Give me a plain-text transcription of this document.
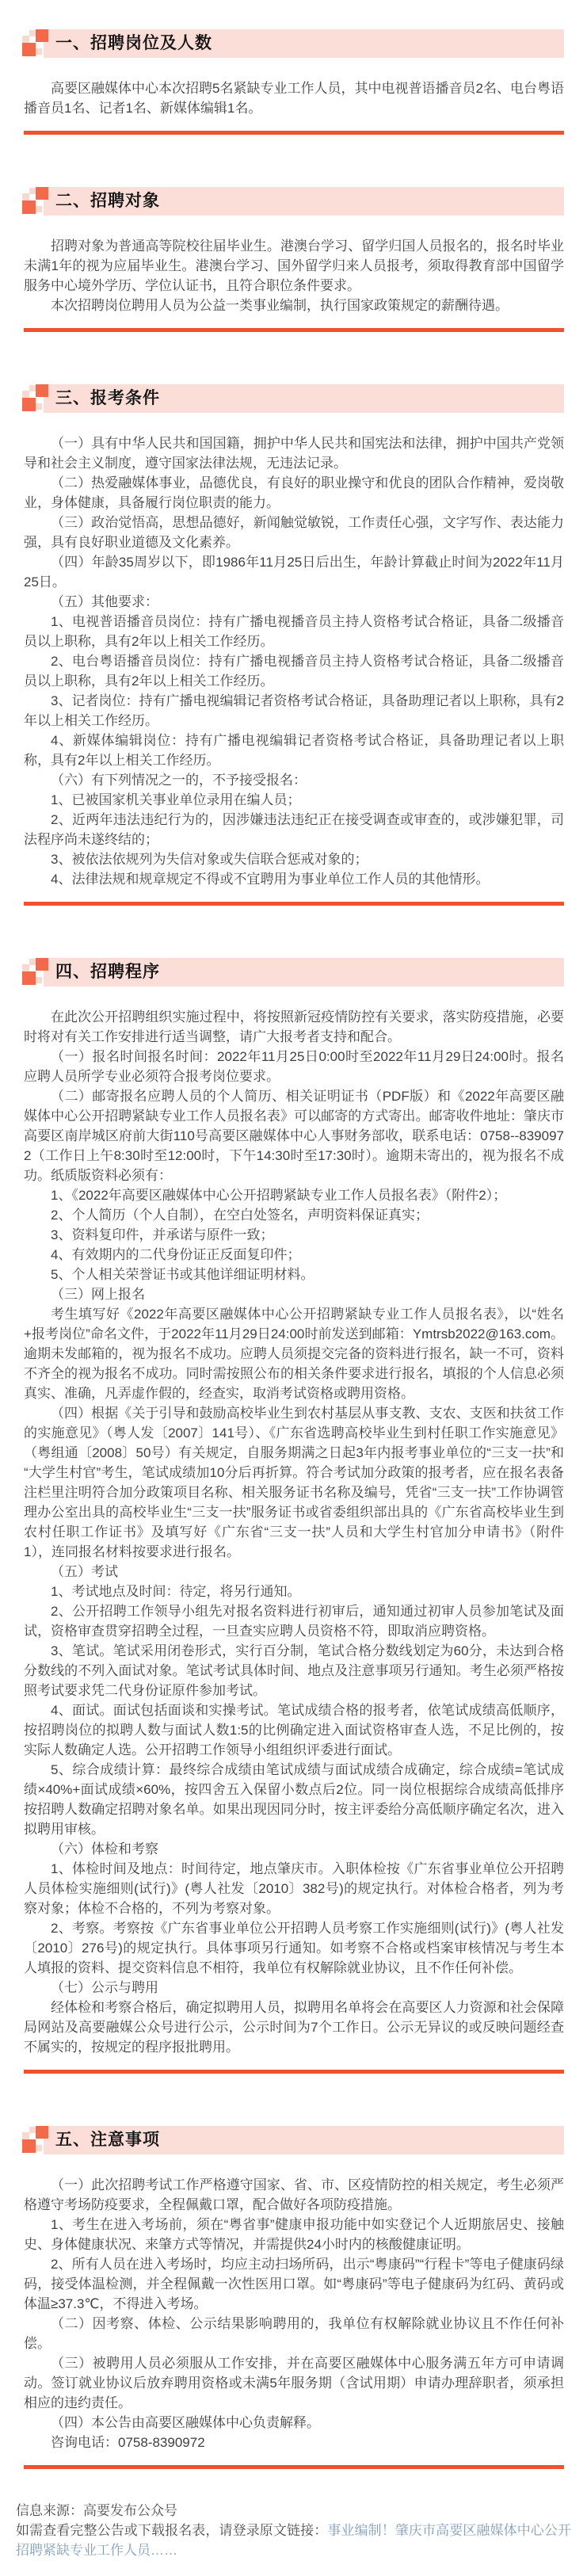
一、招聘岗位及人数

高要区融媒体中心本次招聘5名紧缺专业工作人员，其中电视普语播音员2名、电台粤语播音员1名、记者1名、新媒体编辑1名。

二、招聘对象

招聘对象为普通高等院校往届毕业生。港澳台学习、留学归国人员报名的，报名时毕业未满1年的视为应届毕业生。港澳台学习、国外留学归来人员报考，须取得教育部中国留学服务中心境外学历、学位认证书，且符合职位条件要求。

本次招聘岗位聘用人员为公益一类事业编制，执行国家政策规定的薪酬待遇。

三、报考条件

（一）具有中华人民共和国国籍，拥护中华人民共和国宪法和法律，拥护中国共产党领导和社会主义制度，遵守国家法律法规，无违法记录。

（二）热爱融媒体事业，品德优良，有良好的职业操守和优良的团队合作精神，爱岗敬业，身体健康，具备履行岗位职责的能力。

（三）政治觉悟高，思想品德好，新闻触觉敏锐，工作责任心强，文字写作、表达能力强，具有良好职业道德及文化素养。

（四）年龄35周岁以下，即1986年11月25日后出生，年龄计算截止时间为2022年11月25日。

（五）其他要求：

1、电视普语播音员岗位：持有广播电视播音员主持人资格考试合格证，具备二级播音员以上职称，具有2年以上相关工作经历。

2、电台粤语播音员岗位：持有广播电视播音员主持人资格考试合格证，具备二级播音员以上职称，具有2年以上相关工作经历。

3、记者岗位：持有广播电视编辑记者资格考试合格证，具备助理记者以上职称，具有2年以上相关工作经历。

4、新媒体编辑岗位：持有广播电视编辑记者资格考试合格证，具备助理记者以上职称，具有2年以上相关工作经历。

（六）有下列情况之一的，不予接受报名：

1、已被国家机关事业单位录用在编人员；

2、近两年违法违纪行为的，因涉嫌违法违纪正在接受调查或审查的，或涉嫌犯罪，司法程序尚未遂终结的；

3、被依法依规列为失信对象或失信联合惩戒对象的；

4、法律法规和规章规定不得或不宜聘用为事业单位工作人员的其他情形。

四、招聘程序

在此次公开招聘组织实施过程中，将按照新冠疫情防控有关要求，落实防疫措施，必要时将对有关工作安排进行适当调整，请广大报考者支持和配合。

（一）报名时间报名时间：2022年11月25日0:00时至2022年11月29日24:00时。报名应聘人员所学专业必须符合报考岗位要求。

（二）邮寄报名应聘人员的个人简历、相关证明证书（PDF版）和《2022年高要区融媒体中心公开招聘紧缺专业工作人员报名表》可以邮寄的方式寄出。邮寄收件地址：肇庆市高要区南岸城区府前大街110号高要区融媒体中心人事财务部收，联系电话：0758--8390972（工作日上午8:30时至12:00时，下午14:30时至17:30时）。逾期未寄出的，视为报名不成功。纸质版资料必须有：

1、《2022年高要区融媒体中心公开招聘紧缺专业工作人员报名表》（附件2）；

2、个人简历（个人自制），在空白处签名，声明资料保证真实；

3、资料复印件，并承诺与原件一致；

4、有效期内的二代身份证正反面复印件；

5、个人相关荣誉证书或其他详细证明材料。

（三）网上报名

考生填写好《2022年高要区融媒体中心公开招聘紧缺专业工作人员报名表》，以“姓名+报考岗位”命名文件，于2022年11月29日24:00时前发送到邮箱：Ymtrsb2022@163.com。逾期未发邮箱的，视为报名不成功。应聘人员须提交完备的资料进行报名，缺一不可，资料不齐全的视为报名不成功。同时需按照公布的相关条件要求进行报名，填报的个人信息必须真实、准确，凡弄虚作假的，经查实，取消考试资格或聘用资格。

（四）根据《关于引导和鼓励高校毕业生到农村基层从事支教、支农、支医和扶贫工作的实施意见》（粤人发〔2007〕141号）、《广东省选聘高校毕业生到村任职工作实施意见》（粤组通〔2008〕50号）有关规定，自服务期满之日起3年内报考事业单位的“三支一扶”和“大学生村官”考生，笔试成绩加10分后再折算。符合考试加分政策的报考者，应在报名表备注栏里注明符合加分政策项目名称、相关服务证书名称及编号，凭省“三支一扶”工作协调管理办公室出具的高校毕业生“三支一扶”服务证书或省委组织部出具的《广东省高校毕业生到农村任职工作证书》及填写好《广东省“三支一扶”人员和大学生村官加分申请书》（附件1），连同报名材料按要求进行报名。

（五）考试

1、考试地点及时间：待定，将另行通知。

2、公开招聘工作领导小组先对报名资料进行初审后，通知通过初审人员参加笔试及面试，资格审查贯穿招聘全过程，一旦查实应聘人员资格不符，即取消应聘资格。

3、笔试。笔试采用闭卷形式，实行百分制，笔试合格分数线划定为60分，未达到合格分数线的不列入面试对象。笔试考试具体时间、地点及注意事项另行通知。考生必须严格按照考试要求凭二代身份证原件参加考试。

4、面试。面试包括面谈和实操考试。笔试成绩合格的报考者，依笔试成绩高低顺序，按招聘岗位的拟聘人数与面试人数1:5的比例确定进入面试资格审查人选，不足比例的，按实际人数确定人选。公开招聘工作领导小组组织评委进行面试。

5、综合成绩计算：最终综合成绩由笔试成绩与面试成绩合成确定，综合成绩=笔试成绩×40%+面试成绩×60%，按四舍五入保留小数点后2位。同一岗位根据综合成绩高低排序按招聘人数确定招聘对象名单。如果出现因同分时，按主评委给分高低顺序确定名次，进入拟聘用审核。

（六）体检和考察

1、体检时间及地点：时间待定，地点肇庆市。入职体检按《广东省事业单位公开招聘人员体检实施细则(试行)》(粤人社发〔2010〕382号)的规定执行。对体检合格者，列为考察对象；体检不合格的，不列为考察对象。

2、考察。考察按《广东省事业单位公开招聘人员考察工作实施细则(试行)》(粤人社发〔2010〕276号)的规定执行。具体事项另行通知。如考察不合格或档案审核情况与考生本人填报的资料、提交资料信息不相符，我单位有权解除就业协议，且不作任何补偿。

（七）公示与聘用

经体检和考察合格后，确定拟聘用人员，拟聘用名单将会在高要区人力资源和社会保障局网站及高要融媒公众号进行公示，公示时间为7个工作日。公示无异议的或反映问题经查不属实的，按规定的程序报批聘用。

五、注意事项

（一）此次招聘考试工作严格遵守国家、省、市、区疫情防控的相关规定，考生必须严格遵守考场防疫要求，全程佩戴口罩，配合做好各项防疫措施。

1、考生在进入考场前，须在“粤省事”健康申报功能中如实登记个人近期旅居史、接触史、身体健康状况、来肇方式等情况，并需提供24小时内的核酸健康证明。

2、所有人员在进入考场时，均应主动扫场所码，出示“粤康码”“行程卡”等电子健康码绿码，接受体温检测，并全程佩戴一次性医用口罩。如“粤康码”等电子健康码为红码、黄码或体温≥37.3℃，不得进入考场。

（二）因考察、体检、公示结果影响聘用的，我单位有权解除就业协议且不作任何补偿。

（三）被聘用人员必须服从工作安排，并在高要区融媒体中心服务满五年方可申请调动。签订就业协议后放弃聘用资格或未满5年服务期（含试用期）申请办理辞职者，须承担相应的违约责任。

（四）本公告由高要区融媒体中心负责解释。

咨询电话：0758-8390972

信息来源：高要发布公众号

如需查看完整公告或下载报名表，请登录原文链接：事业编制！肇庆市高要区融媒体中心公开招聘紧缺专业工作人员……
